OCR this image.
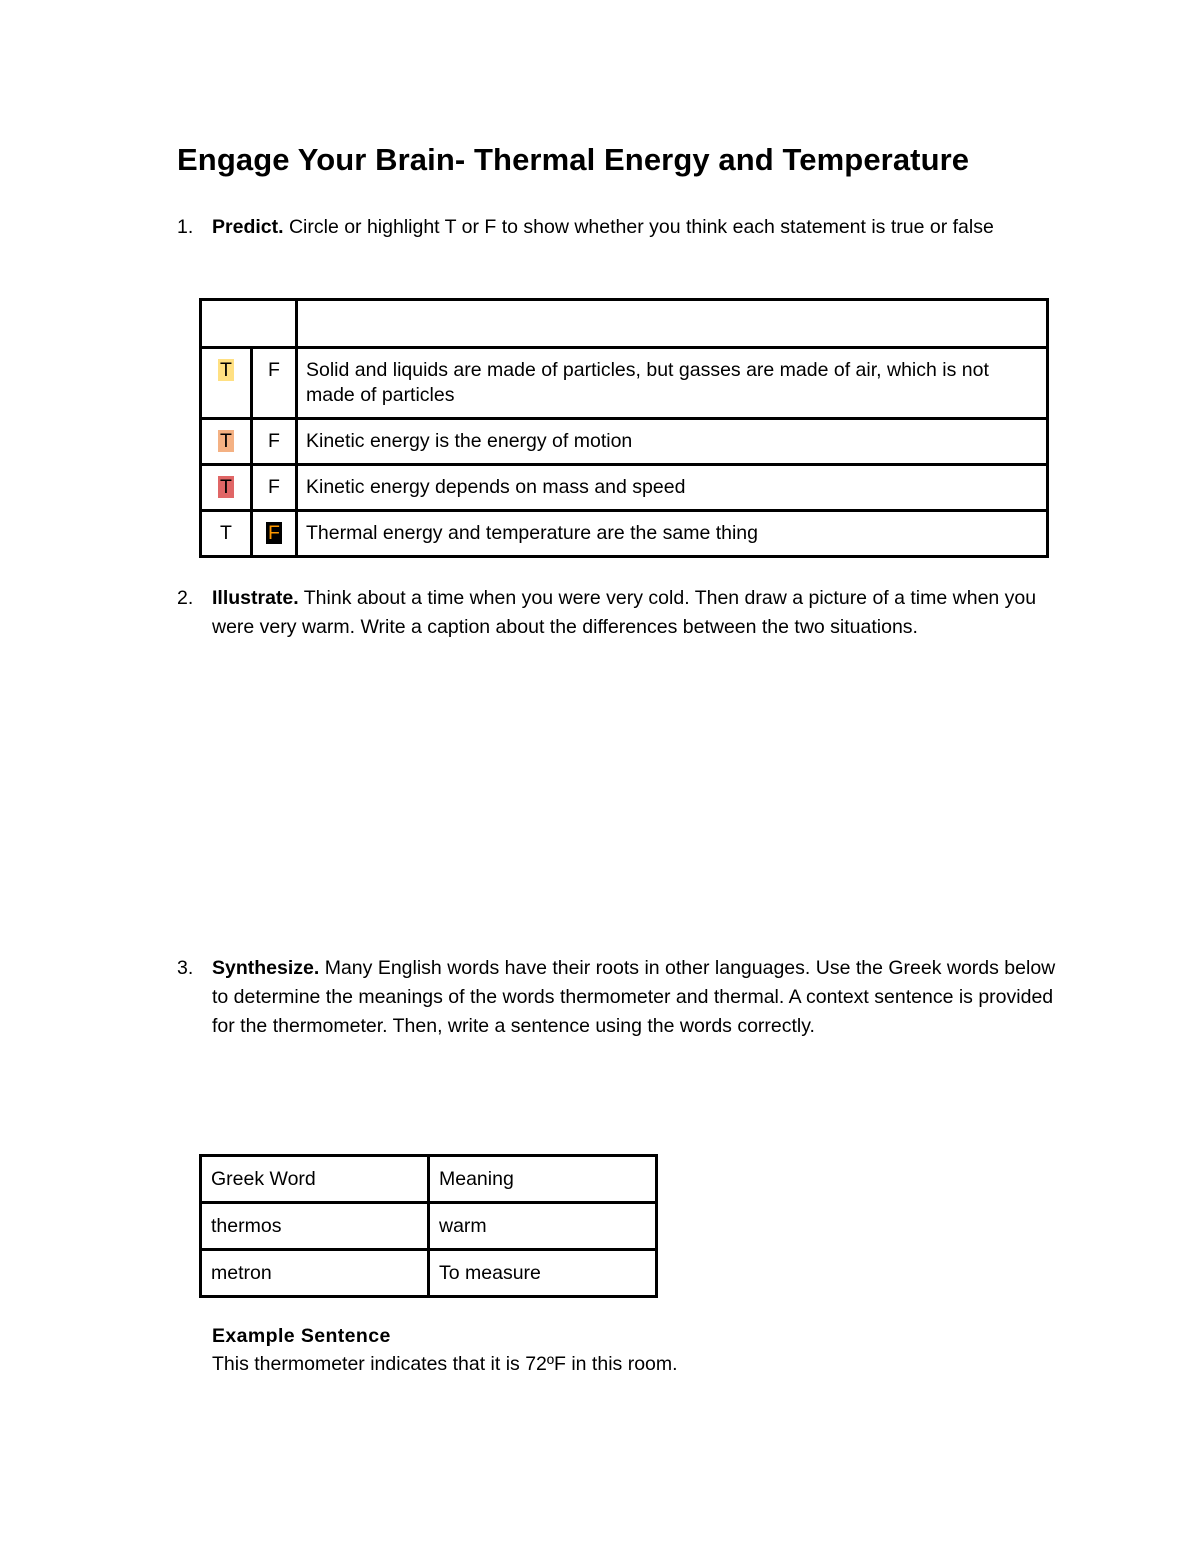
Engage Your Brain- Thermal Energy and Temperature
1. Predict. Circle or highlight T or F to show whether you think each statement is true or false

T	F	Solid and liquids are made of particles, but gasses are made of air, which is not made of particles
T	F	Kinetic energy is the energy of motion
T	F	Kinetic energy depends on mass and speed
T	F	Thermal energy and temperature are the same thing
2. Illustrate. Think about a time when you were very cold. Then draw a picture of a time when you were very warm. Write a caption about the differences between the two situations.
3. Synthesize. Many English words have their roots in other languages. Use the Greek words below to determine the meanings of the words thermometer and thermal. A context sentence is provided for the thermometer. Then, write a sentence using the words correctly.
Greek Word	Meaning
thermos	warm
metron	To measure
Example Sentence
This thermometer indicates that it is 72ºF in this room.
